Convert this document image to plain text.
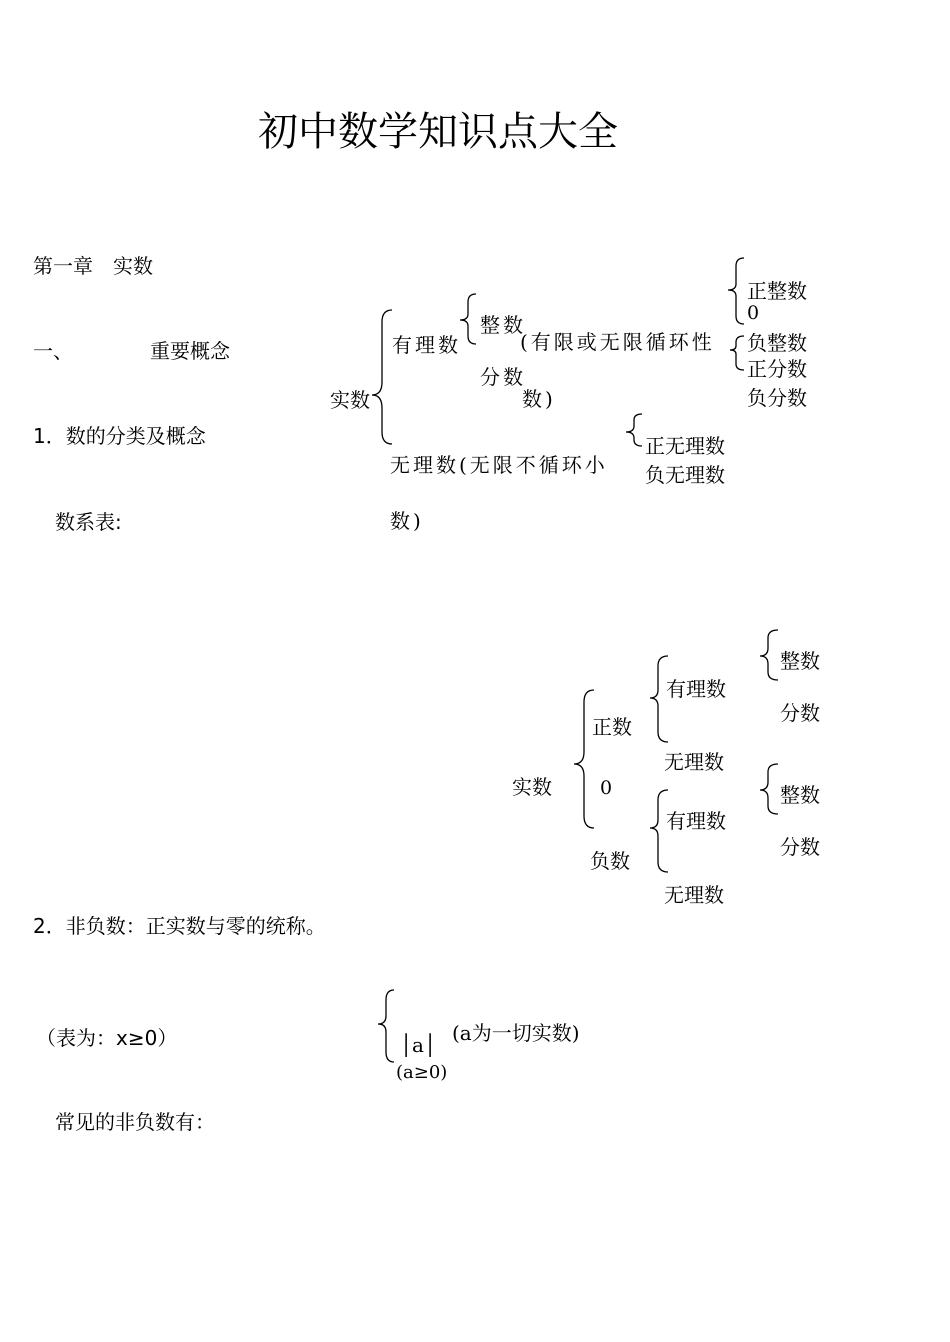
初中数学知识点大全
第一章　实数
一、	重要概念
1．数的分类及概念
数系表:
实数
有理数
整数
分数
(有限或无限循环性
数)
正整数
0
负整数
正分数
负分数
无理数(无限不循环小
数)
正无理数
负无理数
实数
正数
0
负数
有理数
无理数
有理数
无理数
整数
分数
整数
分数
2．非负数：正实数与零的统称。
（表为：x≥0）	│a│
(a≥0)
(a为一切实数)
常见的非负数有：
